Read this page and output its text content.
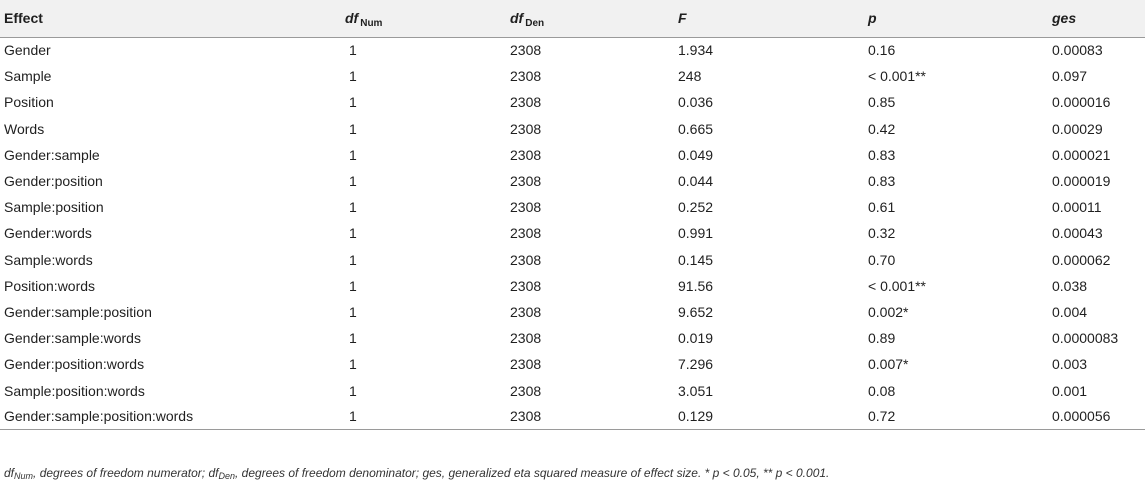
Effect	df $_{Num}$	df $_{Den}$	F	p	ges
Gender	1	2308	1.934	0.16	0.00083
Sample	1	2308	248	< 0.001**	0.097
Position	1	2308	0.036	0.85	0.000016
Words	1	2308	0.665	0.42	0.00029
Gender:sample	1	2308	0.049	0.83	0.000021
Gender:position	1	2308	0.044	0.83	0.000019
Sample:position	1	2308	0.252	0.61	0.00011
Gender:words	1	2308	0.991	0.32	0.00043
Sample:words	1	2308	0.145	0.70	0.000062
Position:words	1	2308	91.56	< 0.001**	0.038
Gender:sample:position	1	2308	9.652	0.002*	0.004
Gender:sample:words	1	2308	0.019	0.89	0.0000083
Gender:position:words	1	2308	7.296	0.007*	0.003
Sample:position:words	1	2308	3.051	0.08	0.001
Gender:sample:position:words	1	2308	0.129	0.72	0.000056
dfNum, degrees of freedom numerator; dfDen, degrees of freedom denominator; ges, generalized eta squared measure of effect size. * p < 0.05, ** p < 0.001.
